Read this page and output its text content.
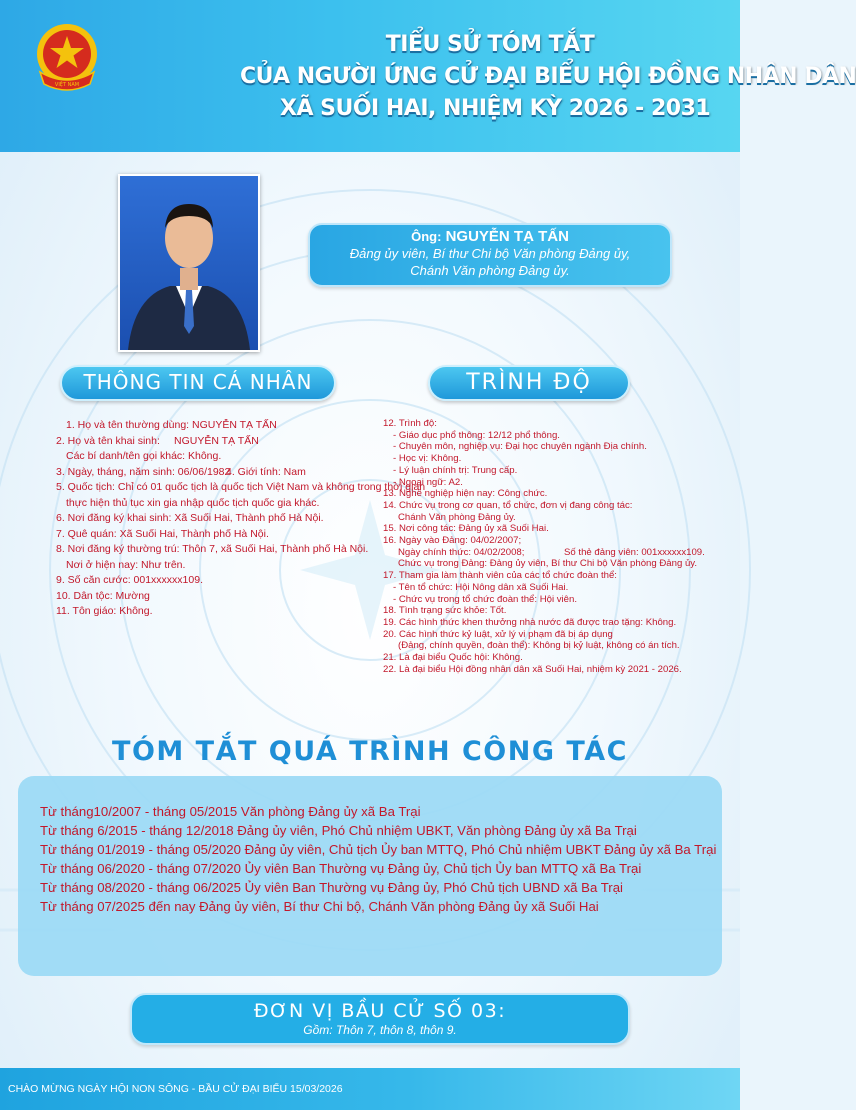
VIỆT NAM
TIỂU SỬ TÓM TẮT
CỦA NGƯỜI ỨNG CỬ ĐẠI BIỂU HỘI ĐỒNG NHÂN DÂN
XÃ SUỐI HAI, NHIỆM KỲ 2026 - 2031
Ông: NGUYỄN TẠ TẤN
Đảng ủy viên, Bí thư Chi bộ Văn phòng Đảng ủy,
Chánh Văn phòng Đảng ủy.
THÔNG TIN CÁ NHÂN	TRÌNH ĐỘ
1. Họ và tên thường dùng: NGUYỄN TẠ TẤN
2. Họ và tên khai sinh: NGUYỄN TẠ TẤN
Các bí danh/tên gọi khác: Không.
3. Ngày, tháng, năm sinh: 06/06/19824. Giới tính: Nam
5. Quốc tịch: Chỉ có 01 quốc tịch là quốc tịch Việt Nam và không trong thời gian
thực hiện thủ tục xin gia nhập quốc tịch quốc gia khác.
6. Nơi đăng ký khai sinh: Xã Suối Hai, Thành phố Hà Nội.
7. Quê quán: Xã Suối Hai, Thành phố Hà Nội.
8. Nơi đăng ký thường trú: Thôn 7, xã Suối Hai, Thành phố Hà Nội.
Nơi ở hiện nay: Như trên.
9. Số căn cước: 001xxxxxx109.
10. Dân tộc: Mường
11. Tôn giáo: Không.
12. Trình độ:
- Giáo dục phổ thông: 12/12 phổ thông.
- Chuyên môn, nghiệp vụ: Đại học chuyên ngành Địa chính.
- Học vị: Không.
- Lý luận chính trị: Trung cấp.
- Ngoại ngữ: A2.
13. Nghề nghiệp hiện nay: Công chức.
14. Chức vụ trong cơ quan, tổ chức, đơn vị đang công tác:
Chánh Văn phòng Đảng ủy.
15. Nơi công tác: Đảng ủy xã Suối Hai.
16. Ngày vào Đảng: 04/02/2007;
Ngày chính thức: 04/02/2008;	Số thẻ đảng viên: 001xxxxxx109.
Chức vụ trong Đảng: Đảng ủy viên, Bí thư Chi bộ Văn phòng Đảng ủy.
17. Tham gia làm thành viên của các tổ chức đoàn thể:
- Tên tổ chức: Hội Nông dân xã Suối Hai.
- Chức vụ trong tổ chức đoàn thể: Hội viên.
18. Tình trạng sức khỏe: Tốt.
19. Các hình thức khen thưởng nhà nước đã được trao tặng: Không.
20. Các hình thức kỷ luật, xử lý vi phạm đã bị áp dụng
(Đảng, chính quyền, đoàn thể): Không bị kỷ luật, không có án tích.
21. Là đại biểu Quốc hội: Không.
22. Là đại biểu Hội đồng nhân dân xã Suối Hai, nhiệm kỳ 2021 - 2026.
TÓM TẮT QUÁ TRÌNH CÔNG TÁC
Từ tháng10/2007 - tháng 05/2015 Văn phòng Đảng ủy xã Ba Trại
Từ tháng 6/2015 - tháng 12/2018 Đảng ủy viên, Phó Chủ nhiệm UBKT, Văn phòng Đảng ủy xã Ba Trại
Từ tháng 01/2019 - tháng 05/2020 Đảng ủy viên, Chủ tịch Ủy ban MTTQ, Phó Chủ nhiệm UBKT Đảng ủy xã Ba Trại
Từ tháng 06/2020 - tháng 07/2020 Ủy viên Ban Thường vụ Đảng ủy, Chủ tịch Ủy ban MTTQ xã Ba Trại
Từ tháng 08/2020 - tháng 06/2025 Ủy viên Ban Thường vụ Đảng ủy, Phó Chủ tịch UBND xã Ba Trại
Từ tháng 07/2025 đến nay Đảng ủy viên, Bí thư Chi bộ, Chánh Văn phòng Đảng ủy xã Suối Hai
ĐƠN VỊ BẦU CỬ SỐ 03:
Gồm: Thôn 7, thôn 8, thôn 9.
CHÀO MỪNG NGÀY HỘI NON SÔNG - BẦU CỬ ĐẠI BIỂU 15/03/2026
